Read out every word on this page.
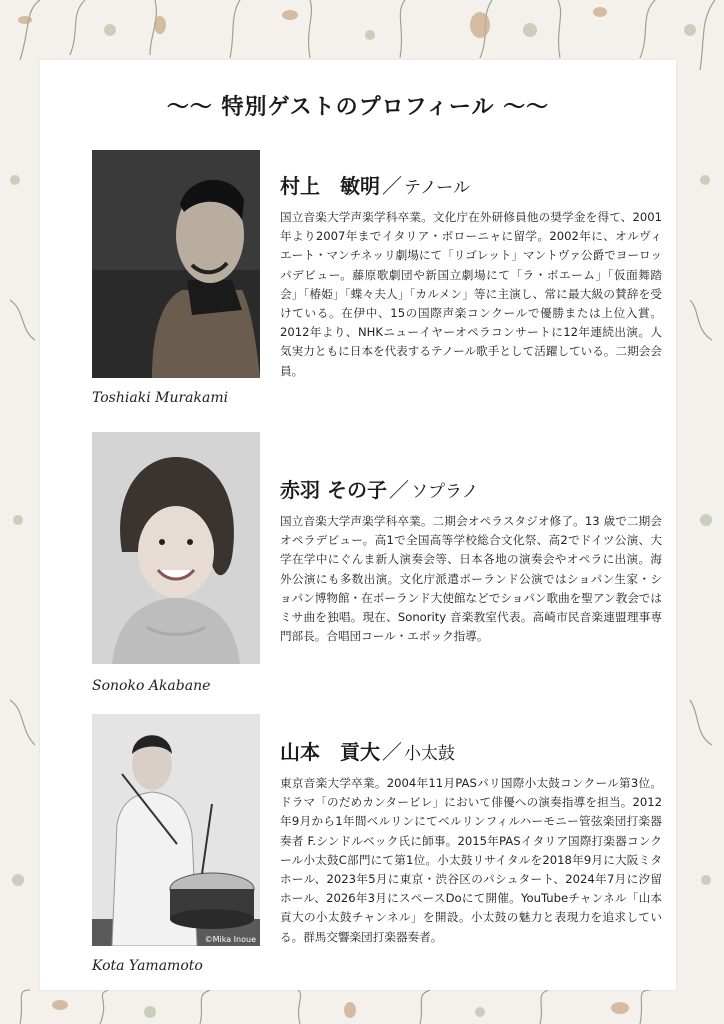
～～ 特別ゲストのプロフィール ～～

Toshiaki Murakami

村上　敏明 ／ テノール

国立音楽大学声楽学科卒業。文化庁在外研修員他の奨学金を得て、2001年より2007年までイタリア・ボローニャに留学。2002年に、オルヴィエート・マンチネッリ劇場にて「リゴレット」マントヴァ公爵でヨーロッパデビュー。藤原歌劇団や新国立劇場にて「ラ・ボエーム」「仮面舞踏会」「椿姫」「蝶々夫人」「カルメン」等に主演し、常に最大級の賛辞を受けている。在伊中、15の国際声楽コンクールで優勝または上位入賞。2012年より、NHKニューイヤーオペラコンサートに12年連続出演。人気実力ともに日本を代表するテノール歌手として活躍している。二期会会員。

Sonoko Akabane

赤羽 その子 ／ ソプラノ

国立音楽大学声楽学科卒業。二期会オペラスタジオ修了。13 歳で二期会オペラデビュー。高1で全国高等学校総合文化祭、高2でドイツ公演、大学在学中にぐんま新人演奏会等、日本各地の演奏会やオペラに出演。海外公演にも多数出演。文化庁派遣ポーランド公演ではショパン生家・ショパン博物館・在ポーランド大使館などでショパン歌曲を聖アン教会ではミサ曲を独唱。現在、Sonority 音楽教室代表。高崎市民音楽連盟理事専門部長。合唱団コール・エボック指導。

©Mika Inoue

Kota Yamamoto

山本　貢大 ／ 小太鼓

東京音楽大学卒業。2004年11月PASパリ国際小太鼓コンクール第3位。ドラマ「のだめカンタービレ」において俳優への演奏指導を担当。2012年9月から1年間ベルリンにてベルリンフィルハーモニー管弦楽団打楽器奏者 F.シンドルベック氏に師事。2015年PASイタリア国際打楽器コンクール小太鼓C部門にて第1位。小太鼓リサイタルを2018年9月に大阪ミタホール、2023年5月に東京・渋谷区のパシュタート、2024年7月に汐留ホール、2026年3月にスペースDoにて開催。YouTubeチャンネル「山本貢大の小太鼓チャンネル」を開設。小太鼓の魅力と表現力を追求している。群馬交響楽団打楽器奏者。
